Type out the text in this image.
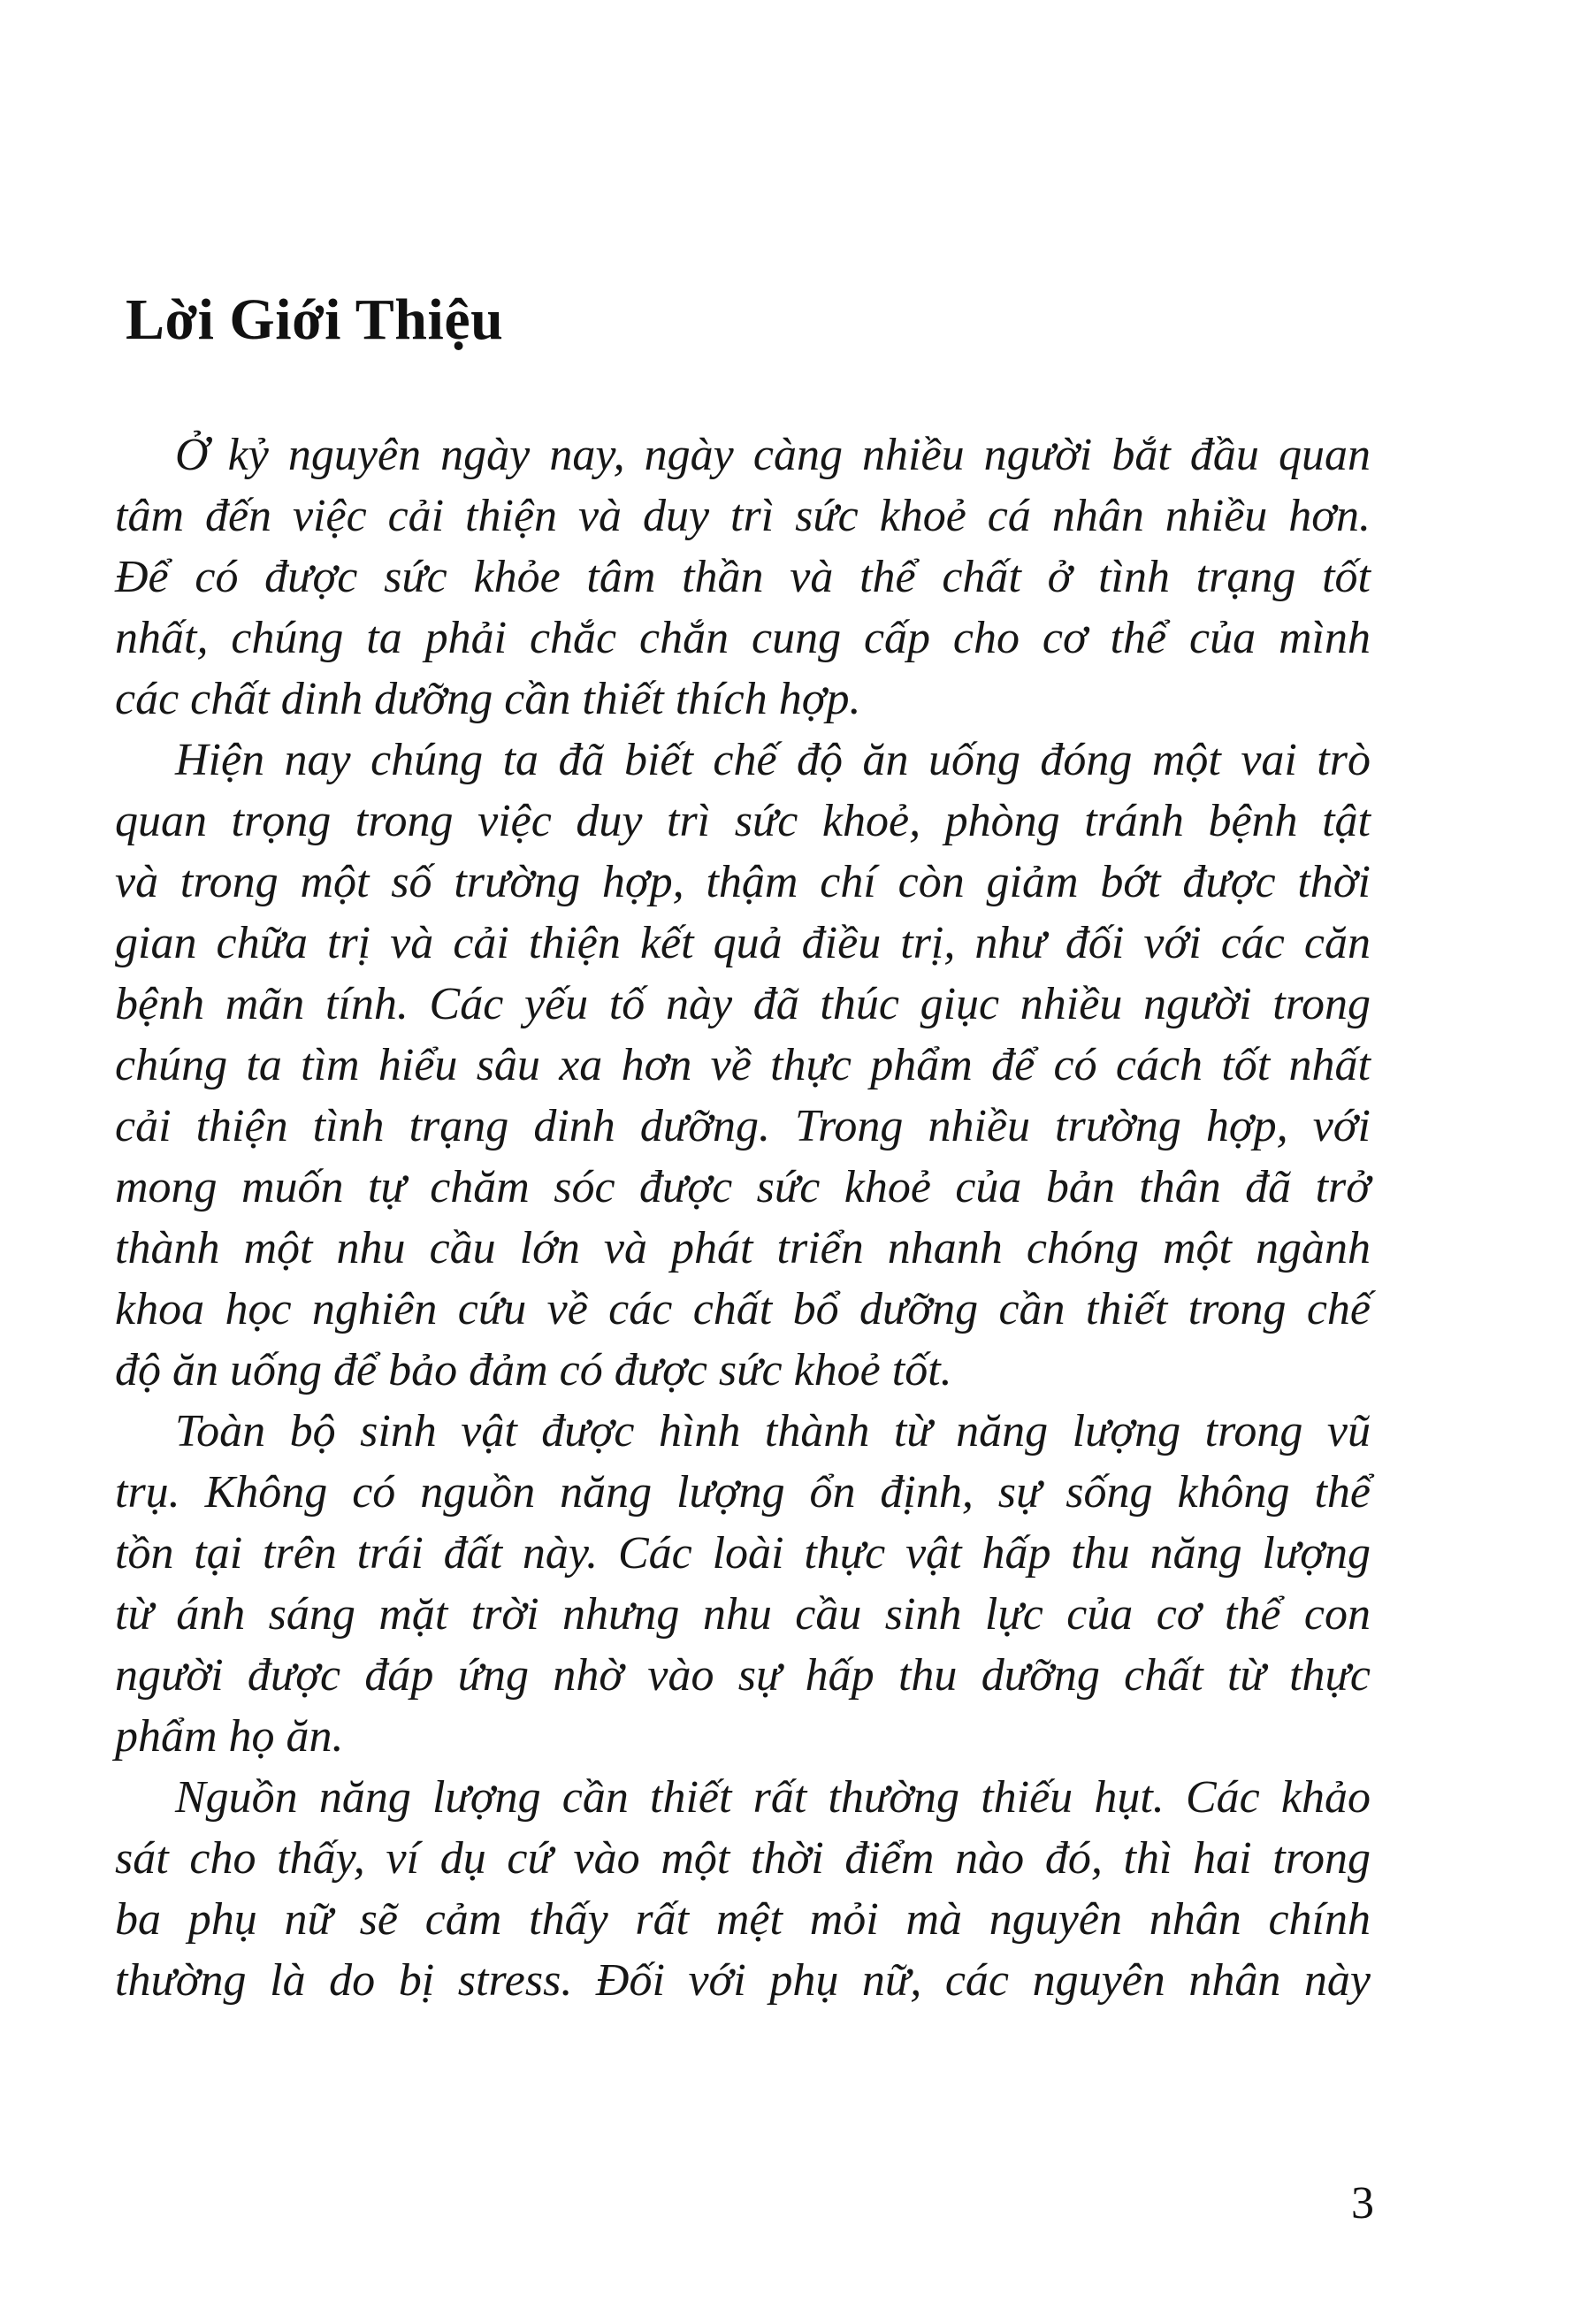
Lời Giới Thiệu

Ở kỷ nguyên ngày nay, ngày càng nhiều người bắt đầu quan
tâm đến việc cải thiện và duy trì sức khoẻ cá nhân nhiều hơn.
Để có được sức khỏe tâm thần và thể chất ở tình trạng tốt
nhất, chúng ta phải chắc chắn cung cấp cho cơ thể của mình
các chất dinh dưỡng cần thiết thích hợp.

Hiện nay chúng ta đã biết chế độ ăn uống đóng một vai trò
quan trọng trong việc duy trì sức khoẻ, phòng tránh bệnh tật
và trong một số trường hợp, thậm chí còn giảm bớt được thời
gian chữa trị và cải thiện kết quả điều trị, như đối với các căn
bệnh mãn tính. Các yếu tố này đã thúc giục nhiều người trong
chúng ta tìm hiểu sâu xa hơn về thực phẩm để có cách tốt nhất
cải thiện tình trạng dinh dưỡng. Trong nhiều trường hợp, với
mong muốn tự chăm sóc được sức khoẻ của bản thân đã trở
thành một nhu cầu lớn và phát triển nhanh chóng một ngành
khoa học nghiên cứu về các chất bổ dưỡng cần thiết trong chế
độ ăn uống để bảo đảm có được sức khoẻ tốt.

Toàn bộ sinh vật được hình thành từ năng lượng trong vũ
trụ. Không có nguồn năng lượng ổn định, sự sống không thể
tồn tại trên trái đất này. Các loài thực vật hấp thu năng lượng
từ ánh sáng mặt trời nhưng nhu cầu sinh lực của cơ thể con
người được đáp ứng nhờ vào sự hấp thu dưỡng chất từ thực
phẩm họ ăn.

Nguồn năng lượng cần thiết rất thường thiếu hụt. Các khảo
sát cho thấy, ví dụ cứ vào một thời điểm nào đó, thì hai trong
ba phụ nữ sẽ cảm thấy rất mệt mỏi mà nguyên nhân chính
thường là do bị stress. Đối với phụ nữ, các nguyên nhân này

3
